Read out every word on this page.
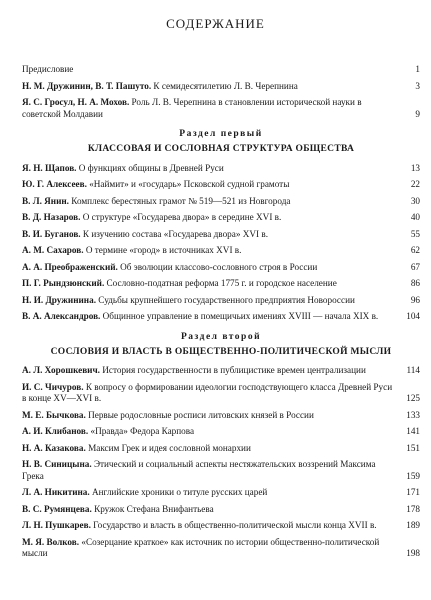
СОДЕРЖАНИЕ
Предисловие	1
Н. М. Дружинин, В. Т. Пашуто. К семидесятилетию Л. В. Черепнина	3
Я. С. Гросул, Н. А. Мохов. Роль Л. В. Черепнина в становлении исторической науки в советской Молдавии	9
Раздел первый
КЛАССОВАЯ И СОСЛОВНАЯ СТРУКТУРА ОБЩЕСТВА
Я. Н. Щапов. О функциях общины в Древней Руси	13
Ю. Г. Алексеев. «Наймит» и «государь» Псковской судной грамоты	22
В. Л. Янин. Комплекс берестяных грамот № 519—521 из Новгорода	30
В. Д. Назаров. О структуре «Государева двора» в середине XVI в.	40
В. И. Буганов. К изучению состава «Государева двора» XVI в.	55
А. М. Сахаров. О термине «город» в источниках XVI в.	62
А. А. Преображенский. Об эволюции классово-сословного строя в России	67
П. Г. Рындзюнский. Сословно-податная реформа 1775 г. и городское население	86
Н. И. Дружинина. Судьбы крупнейшего государственного предприятия Новороссии	96
В. А. Александров. Общинное управление в помещичьих имениях XVIII — начала XIX в.	104
Раздел второй
СОСЛОВИЯ И ВЛАСТЬ В ОБЩЕСТВЕННО-ПОЛИТИЧЕСКОЙ МЫСЛИ
А. Л. Хорошкевич. История государственности в публицистике времен централизации	114
И. С. Чичуров. К вопросу о формировании идеологии господствующего класса Древней Руси в конце XV—XVI в.	125
М. Е. Бычкова. Первые родословные росписи литовских князей в России	133
А. И. Клибанов. «Правда» Федора Карпова	141
Н. А. Казакова. Максим Грек и идея сословной монархии	151
Н. В. Синицына. Этический и социальный аспекты нестяжательских воззрений Максима Грека	159
Л. А. Никитина. Английские хроники о титуле русских царей	171
В. С. Румянцева. Кружок Стефана Внифантьева	178
Л. Н. Пушкарев. Государство и власть в общественно-политической мысли конца XVII в.	189
М. Я. Волков. «Созерцание краткое» как источник по истории общественно-политической мысли	198
